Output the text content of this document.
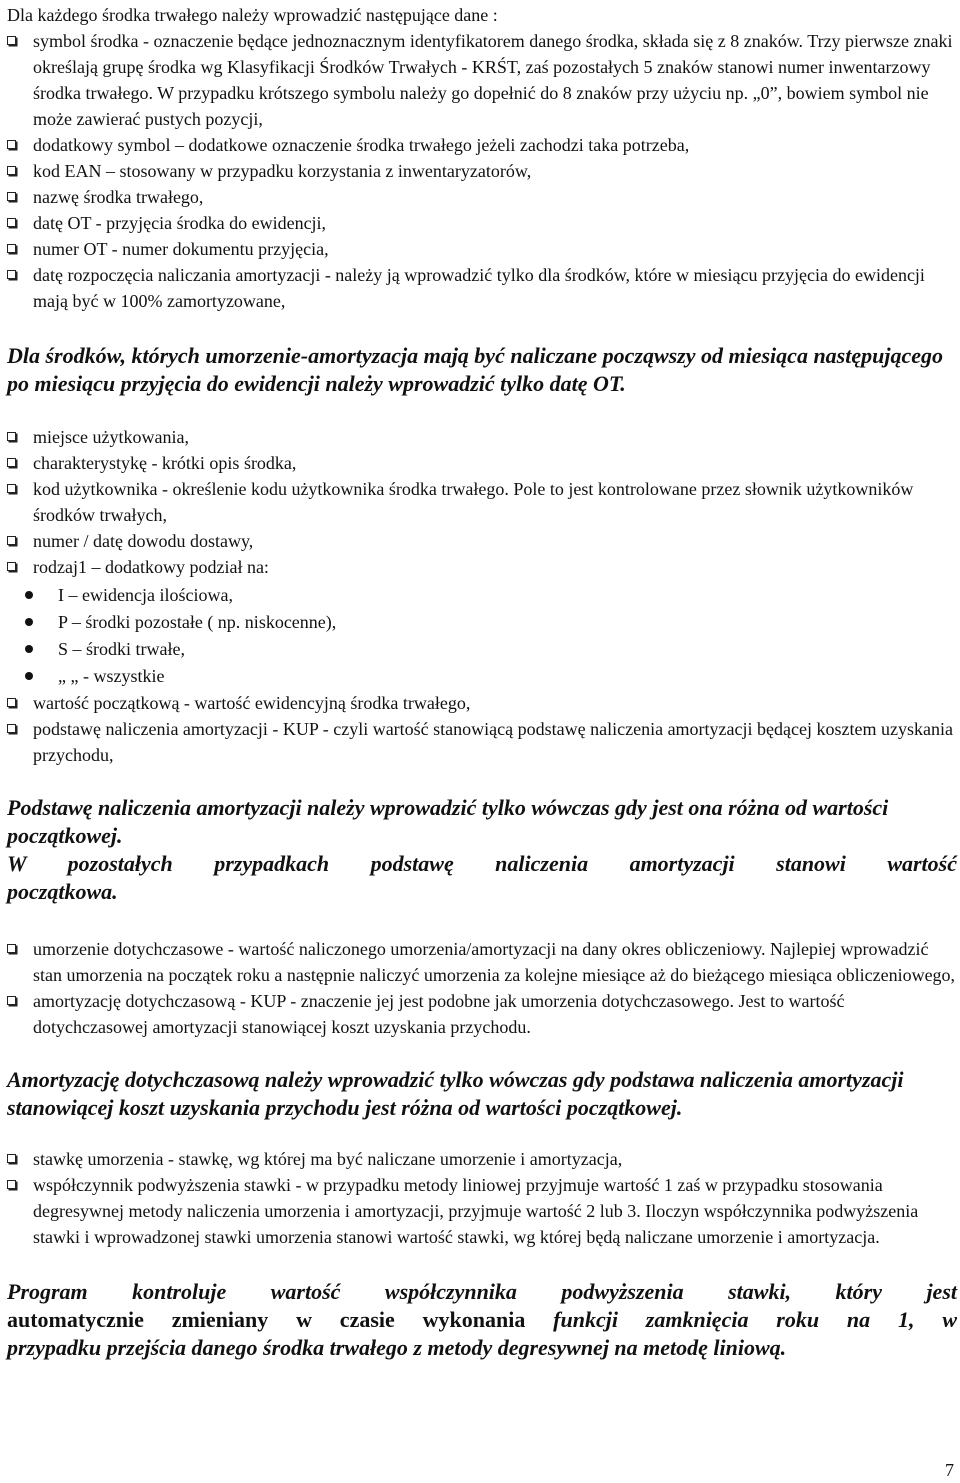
Dla każdego środka trwałego należy wprowadzić następujące dane :

symbol środka - oznaczenie będące jednoznacznym identyfikatorem danego środka, składa się z 8 znaków. Trzy pierwsze znaki określają grupę środka wg Klasyfikacji Środków Trwałych - KRŚT, zaś pozostałych 5 znaków stanowi numer inwentarzowy środka trwałego. W przypadku krótszego symbolu należy go dopełnić do 8 znaków przy użyciu np. „0”, bowiem symbol nie może zawierać pustych pozycji,
dodatkowy symbol – dodatkowe oznaczenie środka trwałego jeżeli zachodzi taka potrzeba,
kod EAN – stosowany w przypadku korzystania z inwentaryzatorów,
nazwę środka trwałego,
datę OT - przyjęcia środka do ewidencji,
numer OT - numer dokumentu przyjęcia,
datę rozpoczęcia naliczania amortyzacji - należy ją wprowadzić tylko dla środków, które w miesiącu przyjęcia do ewidencji mają być w 100% zamortyzowane,

Dla środków, których umorzenie-amortyzacja mają być naliczane począwszy od miesiąca następującego po miesiącu przyjęcia do ewidencji należy wprowadzić tylko datę OT.

miejsce użytkowania,
charakterystykę - krótki opis środka,
kod użytkownika - określenie kodu użytkownika środka trwałego. Pole to jest kontrolowane przez słownik użytkowników środków trwałych,
numer / datę dowodu dostawy,
rodzaj1 – dodatkowy podział na:
I – ewidencja ilościowa,
P – środki pozostałe ( np. niskocenne),
S – środki trwałe,
„ „ - wszystkie
wartość początkową - wartość ewidencyjną środka trwałego,
podstawę naliczenia amortyzacji - KUP - czyli wartość stanowiącą podstawę naliczenia amortyzacji będącej kosztem uzyskania przychodu,

Podstawę naliczenia amortyzacji należy wprowadzić tylko wówczas gdy jest ona różna od wartości początkowej.

W pozostałych przypadkach podstawę naliczenia amortyzacji stanowi wartość

początkowa.

umorzenie dotychczasowe - wartość naliczonego umorzenia/amortyzacji na dany okres obliczeniowy. Najlepiej wprowadzić stan umorzenia na początek roku a następnie naliczyć umorzenia za kolejne miesiące aż do bieżącego miesiąca obliczeniowego,
amortyzację dotychczasową - KUP - znaczenie jej jest podobne jak umorzenia dotychczasowego. Jest to wartość dotychczasowej amortyzacji stanowiącej koszt uzyskania przychodu.

Amortyzację dotychczasową należy wprowadzić tylko wówczas gdy podstawa naliczenia amortyzacji stanowiącej koszt uzyskania przychodu jest różna od wartości początkowej.

stawkę umorzenia - stawkę, wg której ma być naliczane umorzenie i amortyzacja,
współczynnik podwyższenia stawki - w przypadku metody liniowej przyjmuje wartość 1 zaś w przypadku stosowania degresywnej metody naliczenia umorzenia i amortyzacji, przyjmuje wartość 2 lub 3. Iloczyn współczynnika podwyższenia stawki i wprowadzonej stawki umorzenia stanowi wartość stawki, wg której będą naliczane umorzenie i amortyzacja.

Program kontroluje wartość współczynnika podwyższenia stawki, który jest

automatycznie zmieniany w czasie wykonania funkcji zamknięcia roku na 1, w

przypadku przejścia danego środka trwałego z metody degresywnej na metodę liniową.

7
